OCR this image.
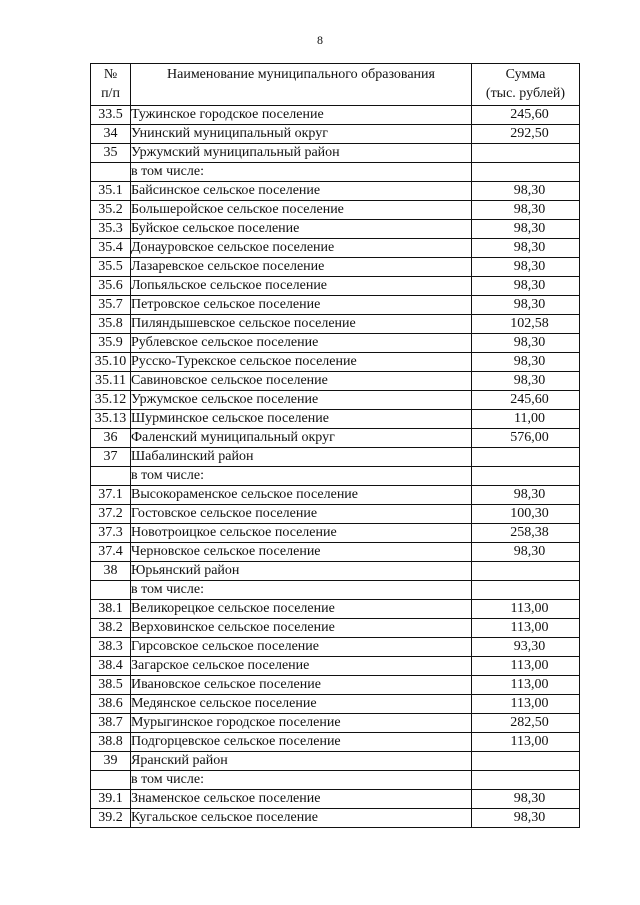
8
№
п/п	Наименование муниципального образования	Сумма
(тыс. рублей)
33.5	Тужинское городское поселение	245,60
34	Унинский муниципальный округ	292,50
35	Уржумский муниципальный район	
	в том числе:	
35.1	Байсинское сельское поселение	98,30
35.2	Большеройское сельское поселение	98,30
35.3	Буйское сельское поселение	98,30
35.4	Донауровское сельское поселение	98,30
35.5	Лазаревское сельское поселение	98,30
35.6	Лопьяльское сельское поселение	98,30
35.7	Петровское сельское поселение	98,30
35.8	Пиляндышевское сельское поселение	102,58
35.9	Рублевское сельское поселение	98,30
35.10	Русско-Турекское сельское поселение	98,30
35.11	Савиновское сельское поселение	98,30
35.12	Уржумское сельское поселение	245,60
35.13	Шурминское сельское поселение	11,00
36	Фаленский муниципальный округ	576,00
37	Шабалинский район	
	в том числе:	
37.1	Высокораменское сельское поселение	98,30
37.2	Гостовское сельское поселение	100,30
37.3	Новотроицкое сельское поселение	258,38
37.4	Черновское сельское поселение	98,30
38	Юрьянский район	
	в том числе:	
38.1	Великорецкое сельское поселение	113,00
38.2	Верховинское сельское поселение	113,00
38.3	Гирсовское сельское поселение	93,30
38.4	Загарское сельское поселение	113,00
38.5	Ивановское сельское поселение	113,00
38.6	Медянское сельское поселение	113,00
38.7	Мурыгинское городское поселение	282,50
38.8	Подгорцевское сельское поселение	113,00
39	Яранский район	
	в том числе:	
39.1	Знаменское сельское поселение	98,30
39.2	Кугальское сельское поселение	98,30
